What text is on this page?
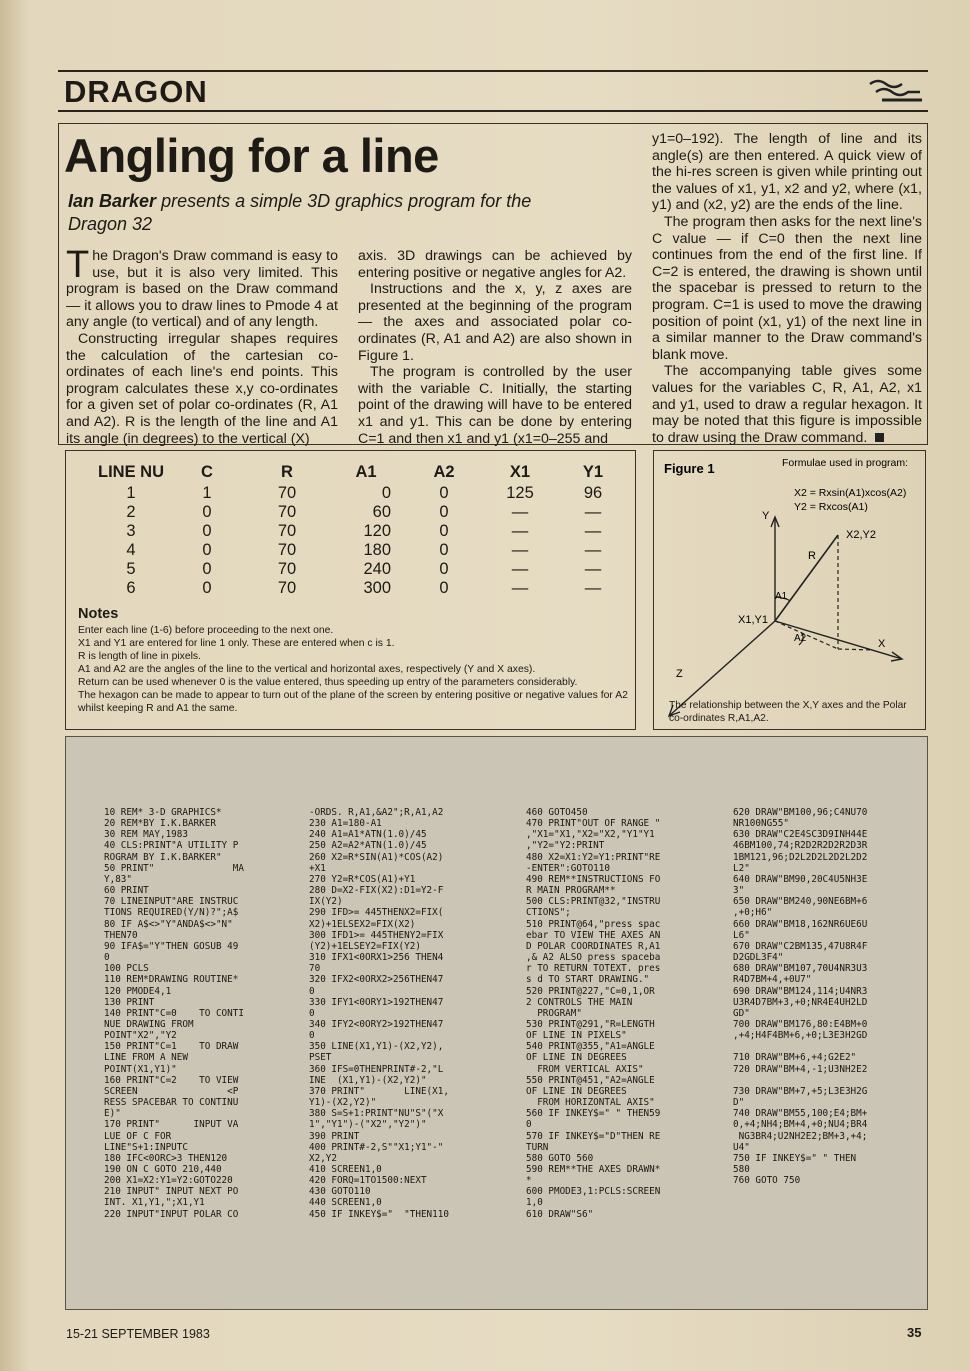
DRAGON
Angling for a line
Ian Barker presents a simple 3D graphics program for the Dragon 32

The Dragon's Draw command is easy to use, but it is also very limited. This program is based on the Draw command — it allows you to draw lines to Pmode 4 at any angle (to vertical) and of any length.

Constructing irregular shapes requires the calculation of the cartesian co-ordinates of each line's end points. This program calculates these x,y co-ordinates for a given set of polar co-ordinates (R, A1 and A2). R is the length of the line and A1 its angle (in degrees) to the vertical (X)

axis. 3D drawings can be achieved by entering positive or negative angles for A2.

Instructions and the x, y, z axes are presented at the beginning of the program — the axes and associated polar co-ordinates (R, A1 and A2) are also shown in Figure 1.

The program is controlled by the user with the variable C. Initially, the starting point of the drawing will have to be entered x1 and y1. This can be done by entering C=1 and then x1 and y1 (x1=0–255 and

y1=0–192). The length of line and its angle(s) are then entered. A quick view of the hi-res screen is given while printing out the values of x1, y1, x2 and y2, where (x1, y1) and (x2, y2) are the ends of the line.

The program then asks for the next line's C value — if C=0 then the next line continues from the end of the first line. If C=2 is entered, the drawing is shown until the spacebar is pressed to return to the program. C=1 is used to move the drawing position of point (x1, y1) of the next line in a similar manner to the Draw command's blank move.

The accompanying table gives some values for the variables C, R, A1, A2, x1 and y1, used to draw a regular hexagon. It may be noted that this figure is impossible to draw using the Draw command.

LINE NU	C	R	A1	A2	X1	Y1
1	1	70	0	0	125	96
2	0	70	60	0	—	—
3	0	70	120	0	—	—
4	0	70	180	0	—	—
5	0	70	240	0	—	—
6	0	70	300	0	—	—
Notes
Enter each line (1-6) before proceeding to the next one.
X1 and Y1 are entered for line 1 only. These are entered when c is 1.
R is length of line in pixels.
A1 and A2 are the angles of the line to the vertical and horizontal axes, respectively (Y and X axes).
Return can be used whenever 0 is the value entered, thus speeding up entry of the parameters considerably.
The hexagon can be made to appear to turn out of the plane of the screen by entering positive or negative values for A2 whilst keeping R and A1 the same.
Figure 1	Formulae used in program:
X2 = Rxsin(A1)xcos(A2)
Y2 = Rxcos(A1)
X2,Y2
Y
R
A1
X1,Y1
A2	X
Z
The relationship between the X,Y axes and the Polar co-ordinates R,A1,A2.
10 REM* 3-D GRAPHICS*
20 REM*BY I.K.BARKER
30 REM MAY,1983
40 CLS:PRINT"A UTILITY P
ROGRAM BY I.K.BARKER"
50 PRINT"              MA
Y,83"
60 PRINT
70 LINEINPUT"ARE INSTRUC
TIONS REQUIRED(Y/N)?";A$
80 IF A$<>"Y"ANDA$<>"N"
THEN70
90 IFA$="Y"THEN GOSUB 49
0
100 PCLS
110 REM*DRAWING ROUTINE*
120 PMODE4,1
130 PRINT
140 PRINT"C=0    TO CONTI
NUE DRAWING FROM
POINT"X2","Y2
150 PRINT"C=1    TO DRAW
LINE FROM A NEW
POINT(X1,Y1)"
160 PRINT"C=2    TO VIEW
SCREEN                <P
RESS SPACEBAR TO CONTINU
E)"
170 PRINT"      INPUT VA
LUE OF C FOR
LINE"S+1:INPUTC
180 IFC<0ORC>3 THEN120
190 ON C GOTO 210,440
200 X1=X2:Y1=Y2:GOTO220
210 INPUT" INPUT NEXT PO
INT. X1,Y1,";X1,Y1
220 INPUT"INPUT POLAR CO
-ORDS. R,A1,&A2";R,A1,A2
230 A1=180-A1
240 A1=A1*ATN(1.0)/45
250 A2=A2*ATN(1.0)/45
260 X2=R*SIN(A1)*COS(A2)
+X1
270 Y2=R*COS(A1)+Y1
280 D=X2-FIX(X2):D1=Y2-F
IX(Y2)
290 IFD>= 445THENX2=FIX(
X2)+1ELSEX2=FIX(X2)
300 IFD1>= 445THENY2=FIX
(Y2)+1ELSEY2=FIX(Y2)
310 IFX1<0ORX1>256 THEN4
70
320 IFX2<0ORX2>256THEN47
0
330 IFY1<0ORY1>192THEN47
0
340 IFY2<0ORY2>192THEN47
0
350 LINE(X1,Y1)-(X2,Y2),
PSET
360 IFS=0THENPRINT#-2,"L
INE  (X1,Y1)-(X2,Y2)"
370 PRINT"       LINE(X1,
Y1)-(X2,Y2)"
380 S=S+1:PRINT"NU"S"("X
1","Y1")-("X2","Y2")"
390 PRINT
400 PRINT#-2,S""X1;Y1"-"
X2,Y2
410 SCREEN1,0
420 FORQ=1TO1500:NEXT
430 GOTO110
440 SCREEN1,0
450 IF INKEY$="  "THEN110
460 GOTO450
470 PRINT"OUT OF RANGE "
,"X1="X1,"X2="X2,"Y1"Y1
,"Y2="Y2:PRINT
480 X2=X1:Y2=Y1:PRINT"RE
-ENTER":GOTO110
490 REM**INSTRUCTIONS FO
R MAIN PROGRAM**
500 CLS:PRINT@32,"INSTRU
CTIONS";
510 PRINT@64,"press spac
ebar TO VIEW THE AXES AN
D POLAR COORDINATES R,A1
,& A2 ALSO press spaceba
r TO RETURN TOTEXT. pres
s d TO START DRAWING."
520 PRINT@227,"C=0,1,OR
2 CONTROLS THE MAIN
PROGRAM"
530 PRINT@291,"R=LENGTH
OF LINE IN PIXELS"
540 PRINT@355,"A1=ANGLE
OF LINE IN DEGREES
FROM VERTICAL AXIS"
550 PRINT@451,"A2=ANGLE
OF LINE IN DEGREES
FROM HORIZONTAL AXIS"
560 IF INKEY$=" " THEN59
0
570 IF INKEY$="D"THEN RE
TURN
580 GOTO 560
590 REM**THE AXES DRAWN*
*
600 PMODE3,1:PCLS:SCREEN
1,0
610 DRAW"S6"
620 DRAW"BM100,96;C4NU70
NR100NG55"
630 DRAW"C2E4SC3D9INH44E
46BM100,74;R2D2R2D2R2D3R
1BM121,96;D2L2D2L2D2L2D2
L2"
640 DRAW"BM90,20C4U5NH3E
3"
650 DRAW"BM240,90NE6BM+6
,+0;H6"
660 DRAW"BM18,162NR6UE6U
L6"
670 DRAW"C2BM135,47U8R4F
D2GDL3F4"
680 DRAW"BM107,70U4NR3U3
R4D7BM+4,+0U7"
690 DRAW"BM124,114;U4NR3
U3R4D7BM+3,+0;NR4E4UH2LD
GD"
700 DRAW"BM176,80:E4BM+0
,+4;H4F4BM+6,+0;L3E3H2GD

710 DRAW"BM+6,+4;G2E2"
720 DRAW"BM+4,-1;U3NH2E2

730 DRAW"BM+7,+5;L3E3H2G
D"
740 DRAW"BM55,100;E4;BM+
0,+4;NH4;BM+4,+0;NU4;BR4
NG3BR4;U2NH2E2;BM+3,+4;
U4"
750 IF INKEY$=" " THEN
580
760 GOTO 750
15-21 SEPTEMBER 1983	35
